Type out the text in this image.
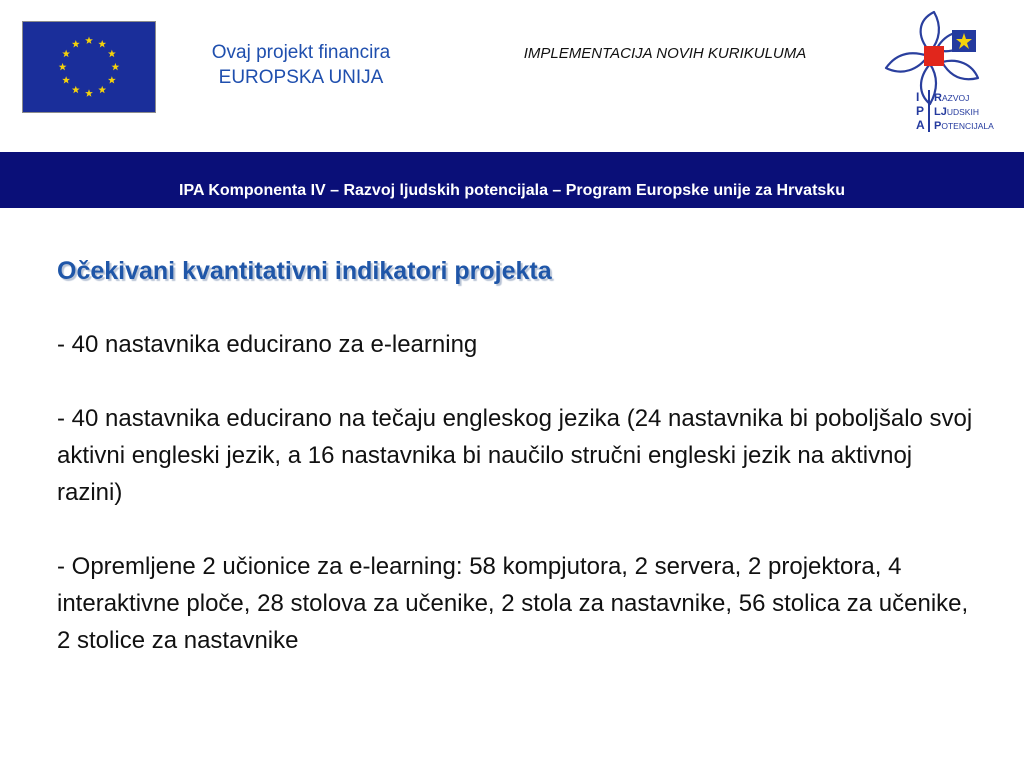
Ovaj projekt financira
EUROPSKA UNIJA
IMPLEMENTACIJA NOVIH KURIKULUMA
I
P
A
RAZVOJ
LJUDSKIH
POTENCIJALA
IPA Komponenta IV – Razvoj ljudskih potencijala – Program Europske unije za Hrvatsku
Očekivani kvantitativni indikatori projekta

- 40 nastavnika educirano za e-learning

- 40 nastavnika educirano na tečaju engleskog jezika (24 nastavnika bi poboljšalo svoj aktivni engleski jezik, a 16 nastavnika bi naučilo stručni engleski jezik na aktivnoj razini)

- Opremljene 2 učionice za e-learning: 58 kompjutora, 2 servera, 2 projektora, 4 interaktivne ploče, 28 stolova za učenike, 2 stola za nastavnike, 56 stolica za učenike, 2 stolice za nastavnike
